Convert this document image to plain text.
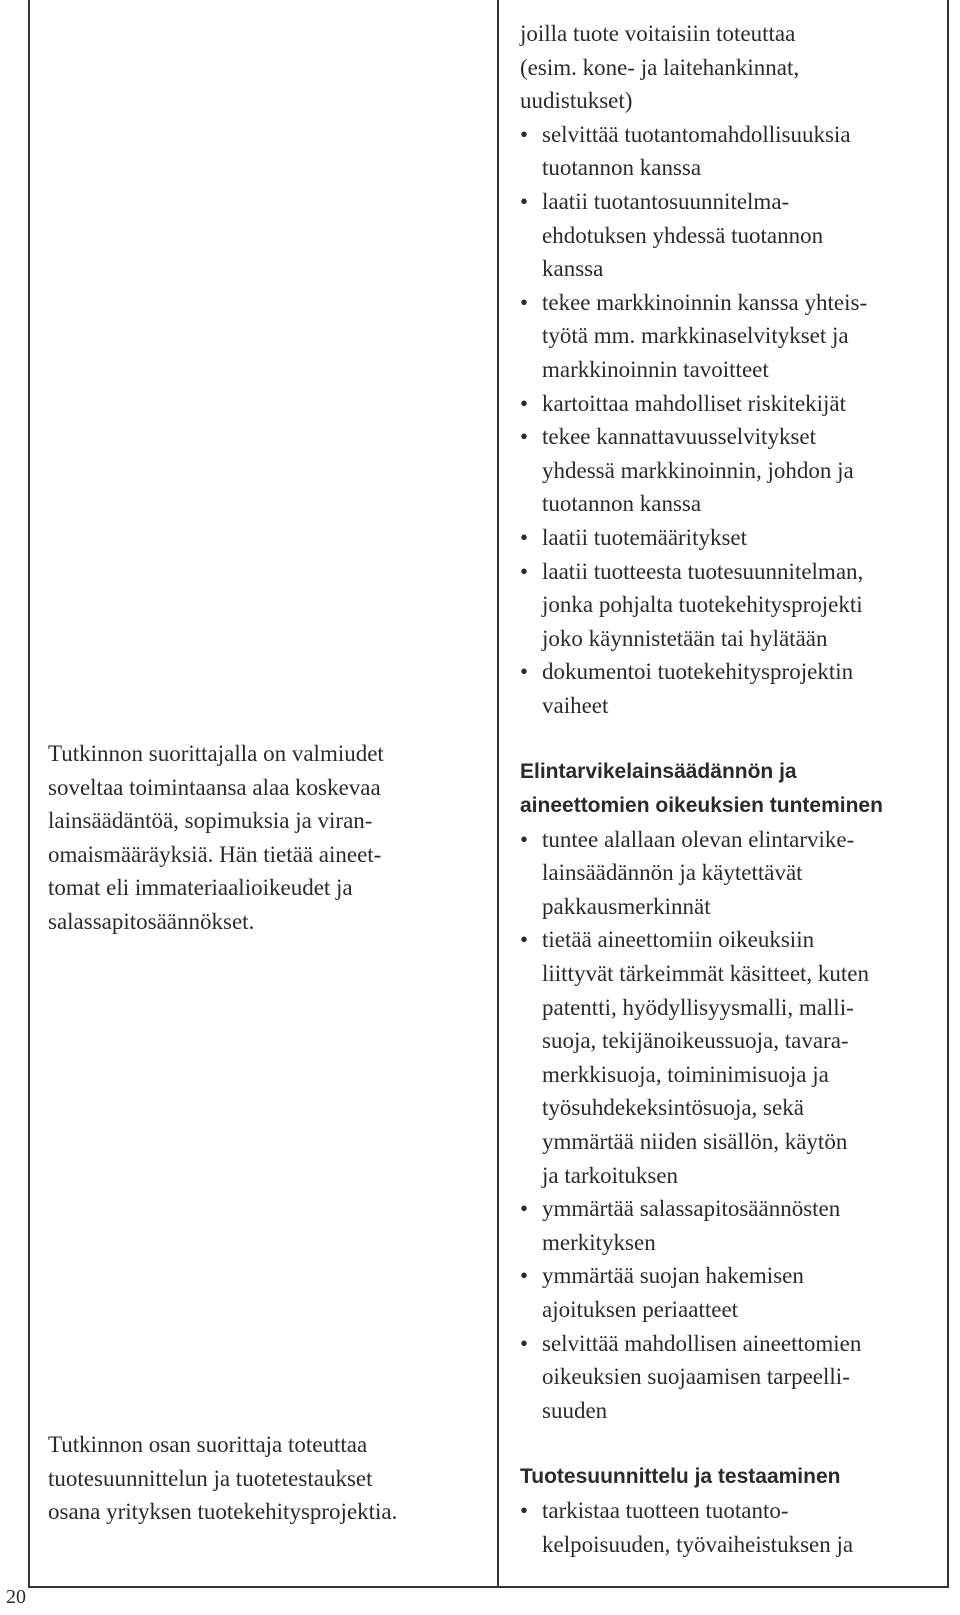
Tutkinnon suorittajalla on valmiudet
soveltaa toimintaansa alaa koskevaa
lainsäädäntöä, sopimuksia ja viran-
omaismääräyksiä. Hän tietää aineet-
tomat eli immateriaalioikeudet ja
salassapitosäännökset.
Tutkinnon osan suorittaja toteuttaa
tuotesuunnittelun ja tuotetestaukset
osana yrityksen tuotekehitysprojektia.
joilla tuote voitaisiin toteuttaa
(esim. kone- ja laitehankinnat,
uudistukset)
• selvittää tuotantomahdollisuuksia
tuotannon kanssa
• laatii tuotantosuunnitelma-
ehdotuksen yhdessä tuotannon
kanssa
• tekee markkinoinnin kanssa yhteis-
työtä mm. markkinaselvitykset ja
markkinoinnin tavoitteet
• kartoittaa mahdolliset riskitekijät
• tekee kannattavuusselvitykset
yhdessä markkinoinnin, johdon ja
tuotannon kanssa
• laatii tuotemääritykset
• laatii tuotteesta tuotesuunnitelman,
jonka pohjalta tuotekehitysprojekti
joko käynnistetään tai hylätään
• dokumentoi tuotekehitysprojektin
vaiheet
Elintarvikelainsäädännön ja
aineettomien oikeuksien tunteminen
• tuntee alallaan olevan elintarvike-
lainsäädännön ja käytettävät
pakkausmerkinnät
• tietää aineettomiin oikeuksiin
liittyvät tärkeimmät käsitteet, kuten
patentti, hyödyllisyysmalli, malli-
suoja, tekijänoikeussuoja, tavara-
merkkisuoja, toiminimisuoja ja
työsuhdekeksintösuoja, sekä
ymmärtää niiden sisällön, käytön
ja tarkoituksen
• ymmärtää salassapitosäännösten
merkityksen
• ymmärtää suojan hakemisen
ajoituksen periaatteet
• selvittää mahdollisen aineettomien
oikeuksien suojaamisen tarpeelli-
suuden
Tuotesuunnittelu ja testaaminen
• tarkistaa tuotteen tuotanto-
kelpoisuuden, työvaiheistuksen ja
20
